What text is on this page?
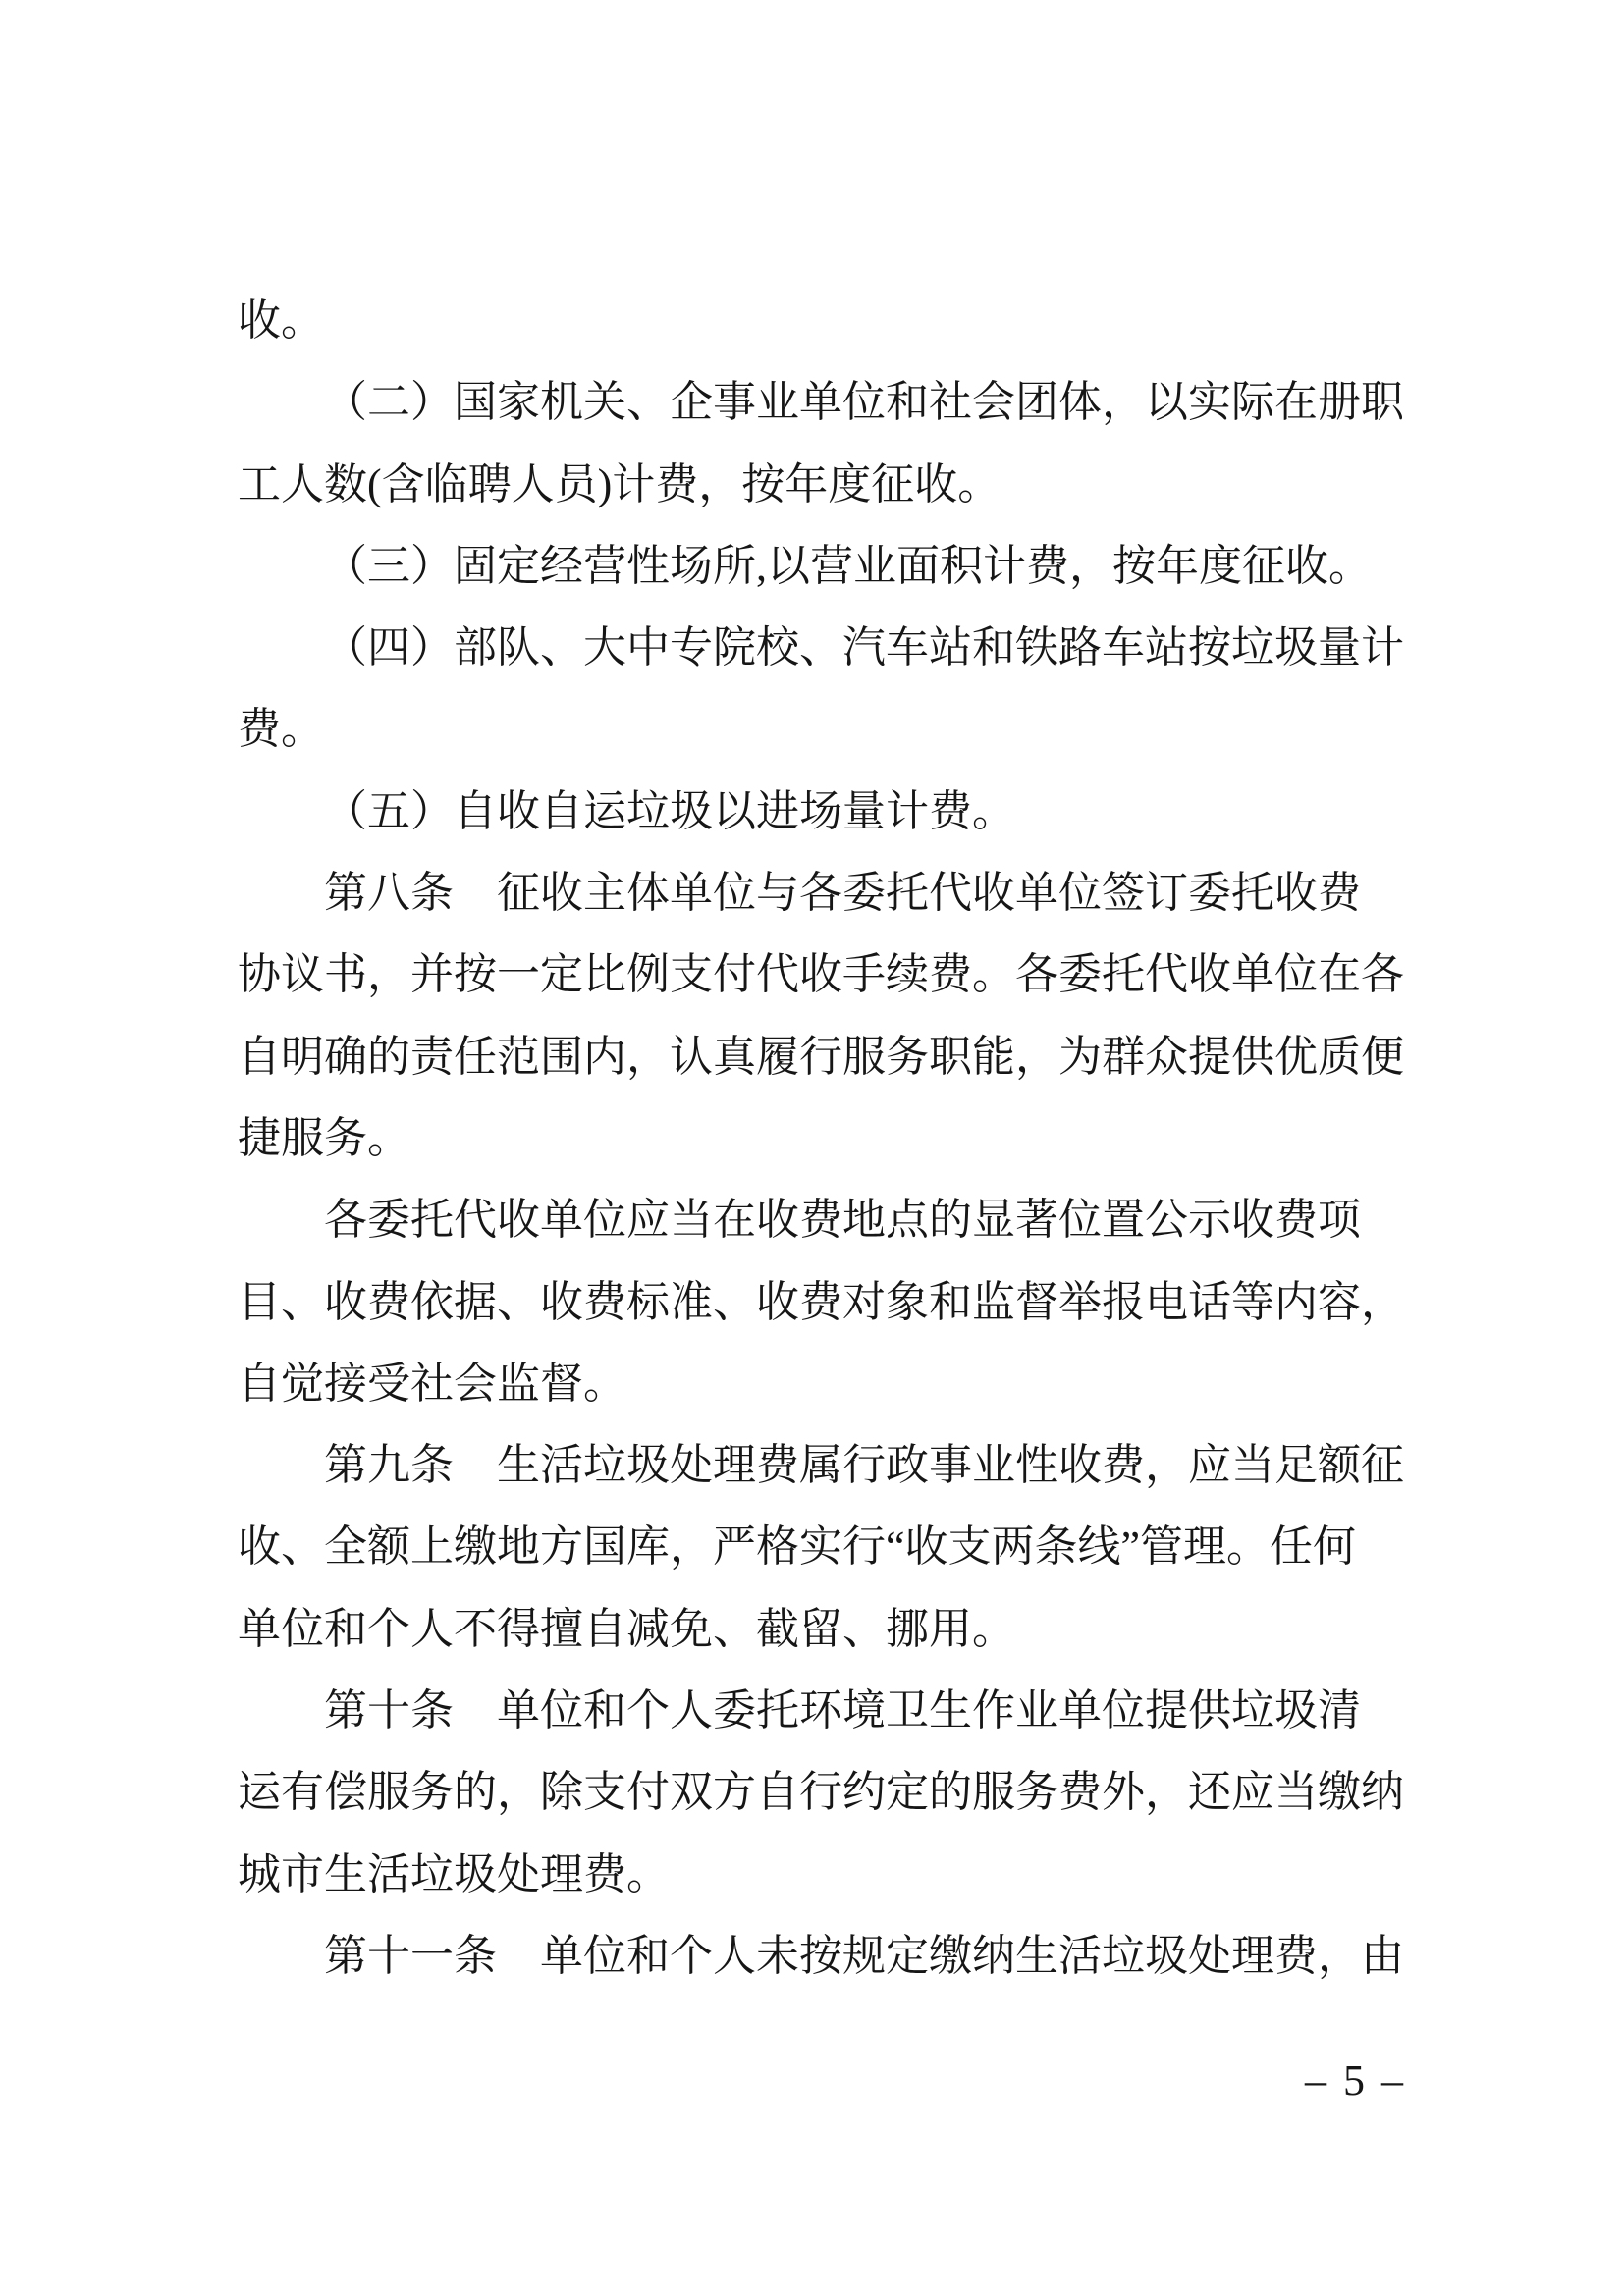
收。

（二）国家机关、企事业单位和社会团体，以实际在册职

工人数(含临聘人员)计费，按年度征收。

（三）固定经营性场所,以营业面积计费，按年度征收。

（四）部队、大中专院校、汽车站和铁路车站按垃圾量计

费。

（五）自收自运垃圾以进场量计费。

第八条　征收主体单位与各委托代收单位签订委托收费

协议书，并按一定比例支付代收手续费。各委托代收单位在各

自明确的责任范围内，认真履行服务职能，为群众提供优质便

捷服务。

各委托代收单位应当在收费地点的显著位置公示收费项

目、收费依据、收费标准、收费对象和监督举报电话等内容，

自觉接受社会监督。

第九条　生活垃圾处理费属行政事业性收费，应当足额征

收、全额上缴地方国库，严格实行“收支两条线”管理。任何

单位和个人不得擅自减免、截留、挪用。

第十条　单位和个人委托环境卫生作业单位提供垃圾清

运有偿服务的，除支付双方自行约定的服务费外，还应当缴纳

城市生活垃圾处理费。

第十一条　单位和个人未按规定缴纳生活垃圾处理费，由

– 5 –
